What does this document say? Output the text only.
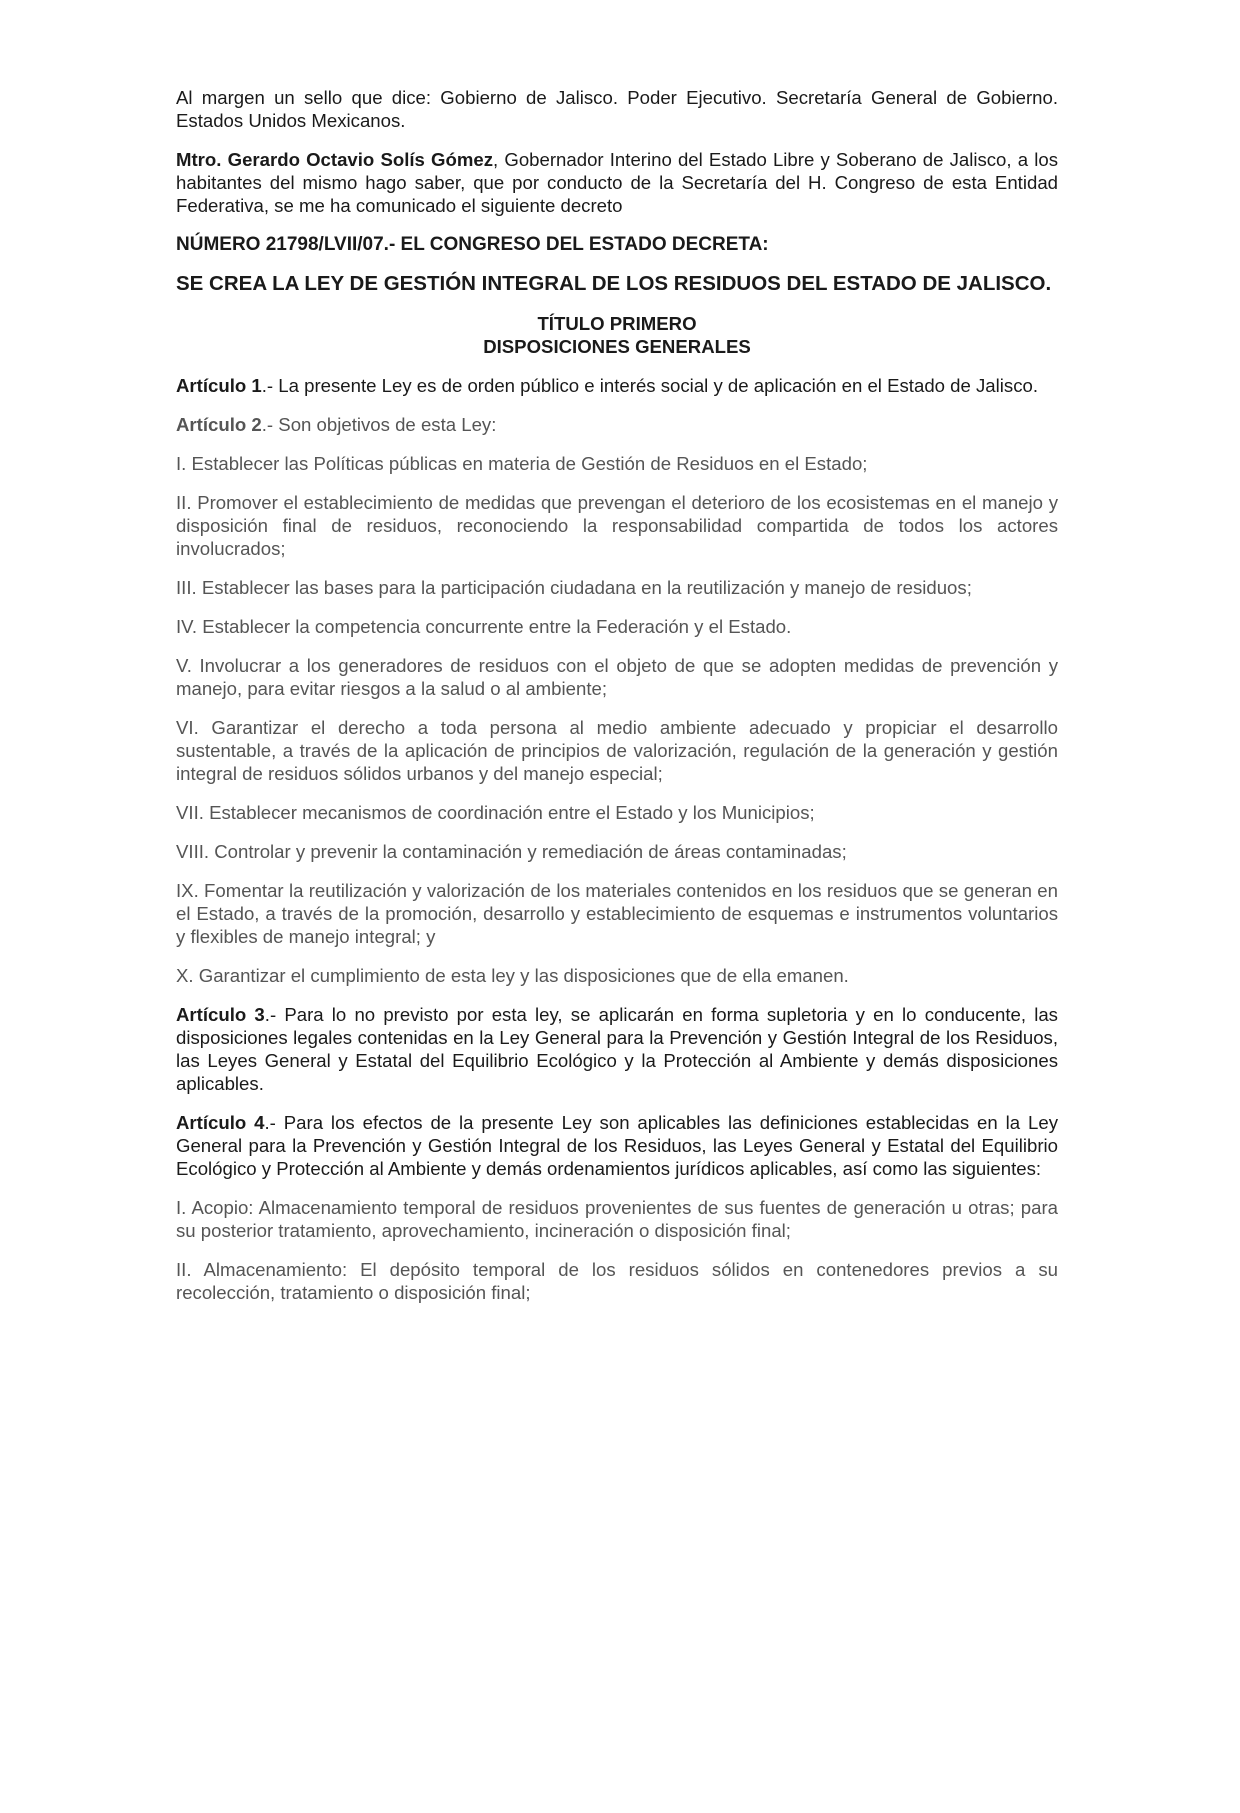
Al margen un sello que dice: Gobierno de Jalisco. Poder Ejecutivo. Secretaría General de Gobierno. Estados Unidos Mexicanos.

Mtro. Gerardo Octavio Solís Gómez, Gobernador Interino del Estado Libre y Soberano de Jalisco, a los habitantes del mismo hago saber, que por conducto de la Secretaría del H. Congreso de esta Entidad Federativa, se me ha comunicado el siguiente decreto

NÚMERO 21798/LVII/07.- EL CONGRESO DEL ESTADO DECRETA:

SE CREA LA LEY DE GESTIÓN INTEGRAL DE LOS RESIDUOS DEL ESTADO DE JALISCO.

TÍTULO PRIMERO
DISPOSICIONES GENERALES

Artículo 1.- La presente Ley es de orden público e interés social y de aplicación en el Estado de Jalisco.

Artículo 2.- Son objetivos de esta Ley:

I. Establecer las Políticas públicas en materia de Gestión de Residuos en el Estado;

II. Promover el establecimiento de medidas que prevengan el deterioro de los ecosistemas en el manejo y disposición final de residuos, reconociendo la responsabilidad compartida de todos los actores involucrados;

III. Establecer las bases para la participación ciudadana en la reutilización y manejo de residuos;

IV. Establecer la competencia concurrente entre la Federación y el Estado.

V. Involucrar a los generadores de residuos con el objeto de que se adopten medidas de prevención y manejo, para evitar riesgos a la salud o al ambiente;

VI. Garantizar el derecho a toda persona al medio ambiente adecuado y propiciar el desarrollo sustentable, a través de la aplicación de principios de valorización, regulación de la generación y gestión integral de residuos sólidos urbanos y del manejo especial;

VII. Establecer mecanismos de coordinación entre el Estado y los Municipios;

VIII. Controlar y prevenir la contaminación y remediación de áreas contaminadas;

IX. Fomentar la reutilización y valorización de los materiales contenidos en los residuos que se generan en el Estado, a través de la promoción, desarrollo y establecimiento de esquemas e instrumentos voluntarios y flexibles de manejo integral; y

X. Garantizar el cumplimiento de esta ley y las disposiciones que de ella emanen.

Artículo 3.- Para lo no previsto por esta ley, se aplicarán en forma supletoria y en lo conducente, las disposiciones legales contenidas en la Ley General para la Prevención y Gestión Integral de los Residuos, las Leyes General y Estatal del Equilibrio Ecológico y la Protección al Ambiente y demás disposiciones aplicables.

Artículo 4.- Para los efectos de la presente Ley son aplicables las definiciones establecidas en la Ley General para la Prevención y Gestión Integral de los Residuos, las Leyes General y Estatal del Equilibrio Ecológico y Protección al Ambiente y demás ordenamientos jurídicos aplicables, así como las siguientes:

I. Acopio: Almacenamiento temporal de residuos provenientes de sus fuentes de generación u otras; para su posterior tratamiento, aprovechamiento, incineración o disposición final;

II. Almacenamiento: El depósito temporal de los residuos sólidos en contenedores previos a su recolección, tratamiento o disposición final;
